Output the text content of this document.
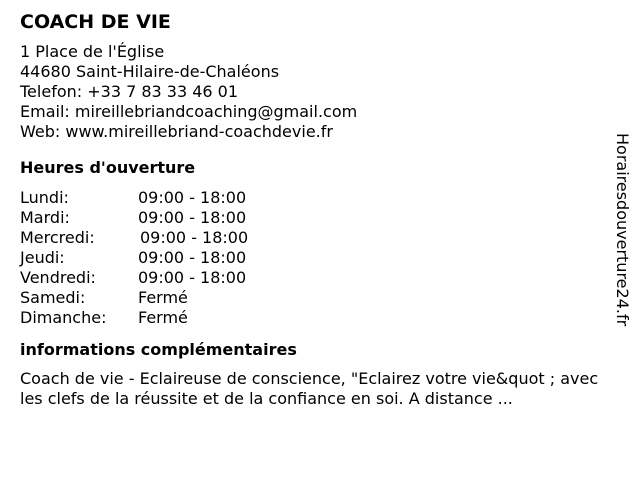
COACH DE VIE
1 Place de l'Église
44680 Saint-Hilaire-de-Chaléons
Telefon: +33 7 83 33 46 01
Email: mireillebriandcoaching@gmail.com
Web: www.mireillebriand-coachdevie.fr
Heures d'ouverture
Lundi:	09:00 - 18:00
Mardi:	09:00 - 18:00
Mercredi:	09:00 - 18:00
Jeudi:	09:00 - 18:00
Vendredi:	09:00 - 18:00
Samedi:	Fermé
Dimanche:	Fermé
informations complémentaires
Coach de vie - Eclaireuse de conscience, "Eclairez votre vie&quot ; avec les clefs de la réussite et de la confiance en soi. A distance ...
Horairesdouverture24.fr
